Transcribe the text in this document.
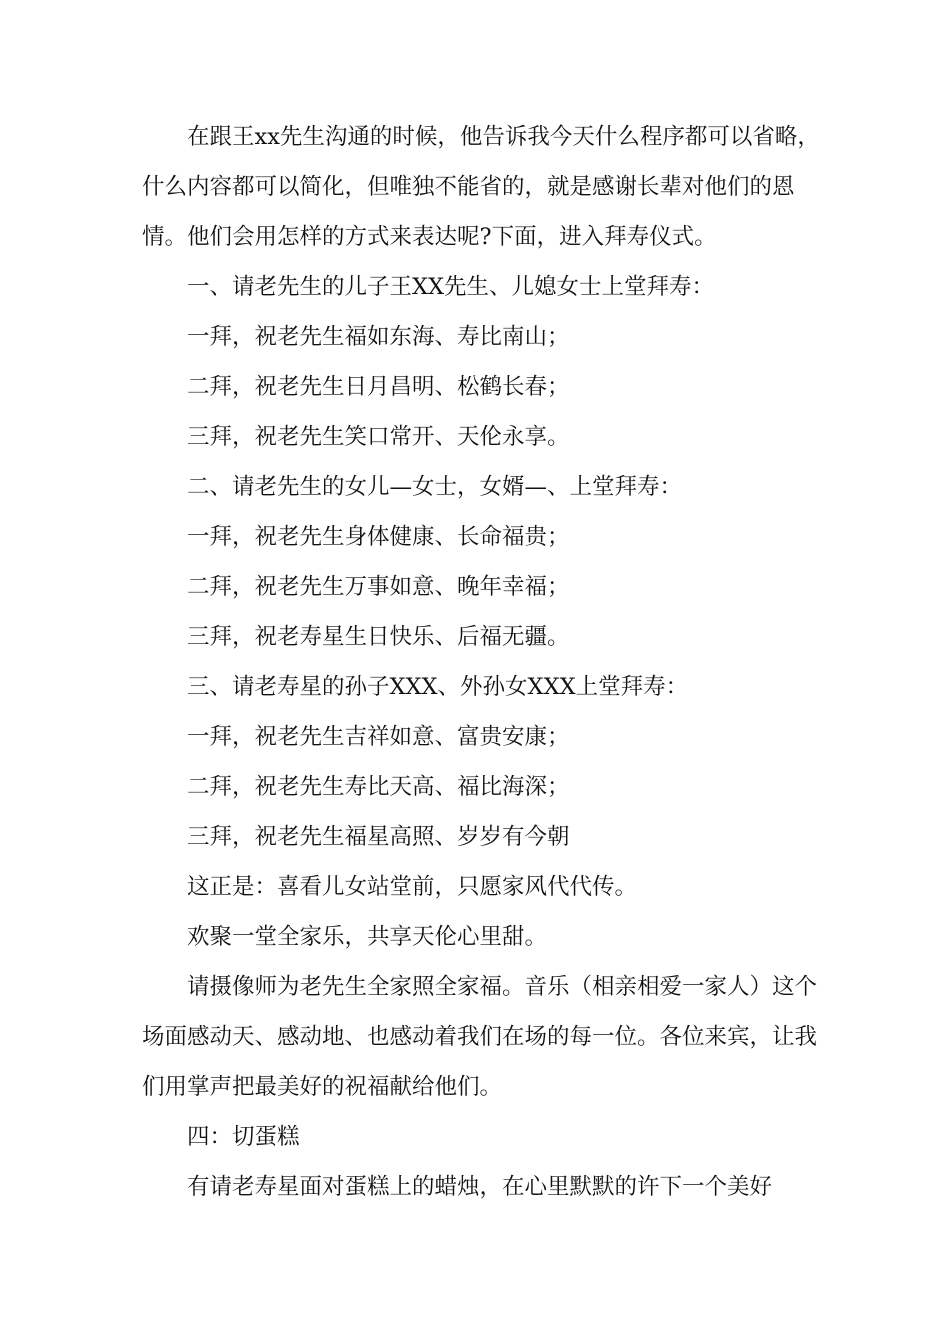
在跟王xx先生沟通的时候，他告诉我今天什么程序都可以省略，什么内容都可以简化，但唯独不能省的，就是感谢长辈对他们的恩情。他们会用怎样的方式来表达呢?下面，进入拜寿仪式。

一、请老先生的儿子王XX先生、儿媳女士上堂拜寿：

一拜，祝老先生福如东海、寿比南山；

二拜，祝老先生日月昌明、松鹤长春；

三拜，祝老先生笑口常开、天伦永享。

二、请老先生的女儿—女士，女婿—、上堂拜寿：

一拜，祝老先生身体健康、长命福贵；

二拜，祝老先生万事如意、晚年幸福；

三拜，祝老寿星生日快乐、后福无疆。

三、请老寿星的孙子XXX、外孙女XXX上堂拜寿：

一拜，祝老先生吉祥如意、富贵安康；

二拜，祝老先生寿比天高、福比海深；

三拜，祝老先生福星高照、岁岁有今朝

这正是：喜看儿女站堂前，只愿家风代代传。

欢聚一堂全家乐，共享天伦心里甜。

请摄像师为老先生全家照全家福。音乐（相亲相爱一家人）这个场面感动天、感动地、也感动着我们在场的每一位。各位来宾，让我们用掌声把最美好的祝福献给他们。

四：切蛋糕

有请老寿星面对蛋糕上的蜡烛，在心里默默的许下一个美好
